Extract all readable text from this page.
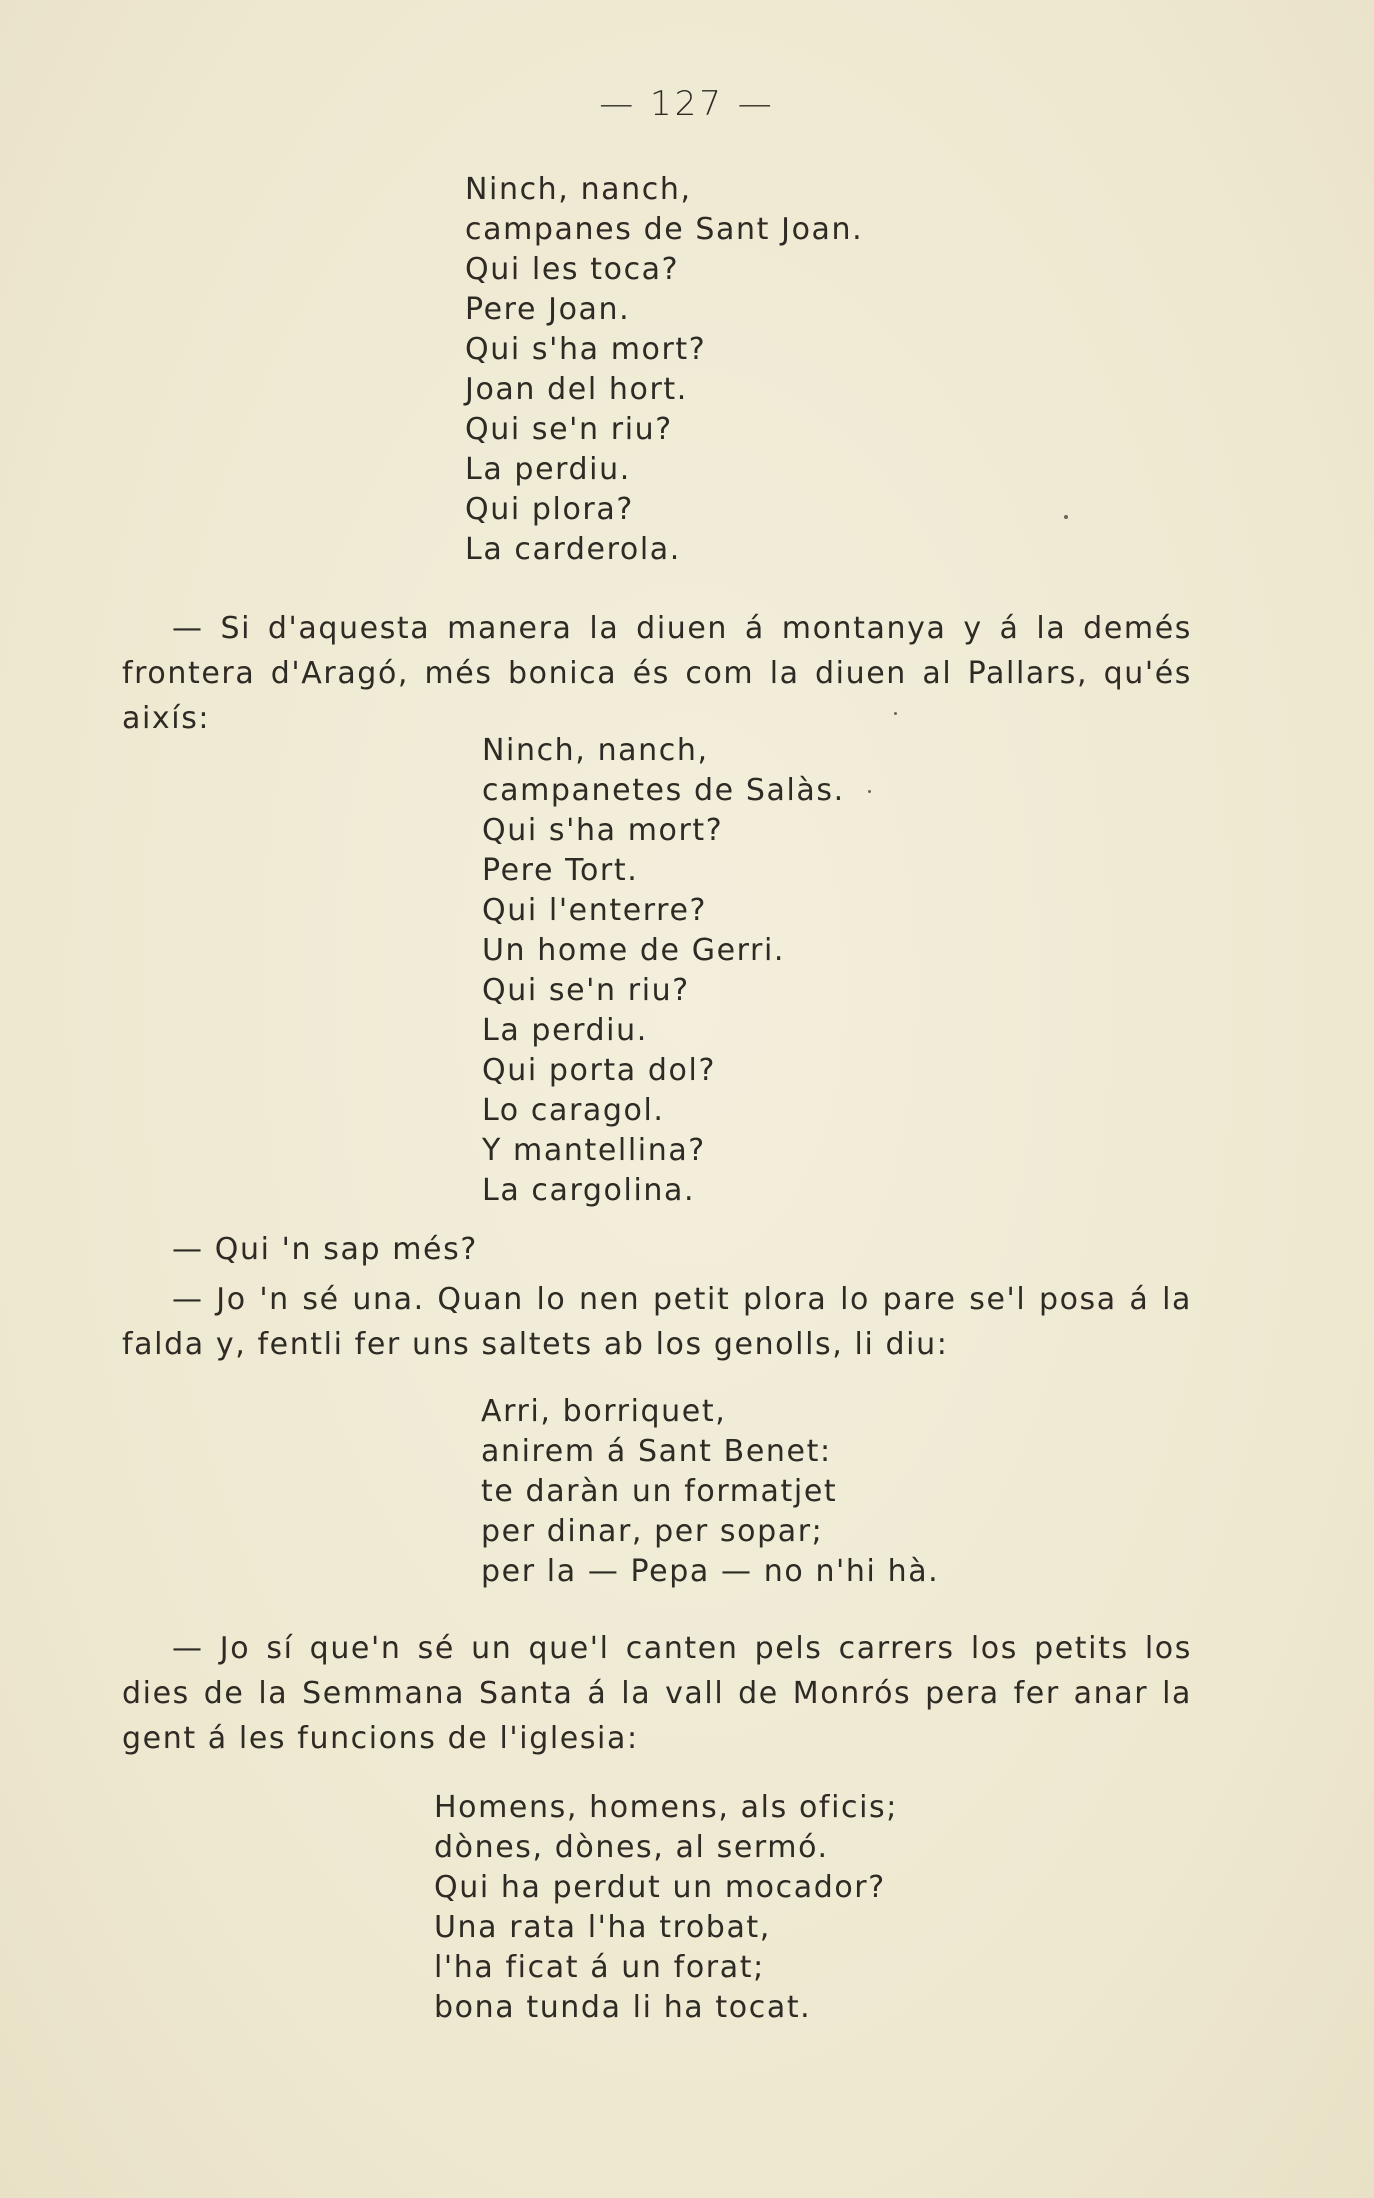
— 127 —
Ninch, nanch,
campanes de Sant Joan.
Qui les toca?
Pere Joan.
Qui s'ha mort?
Joan del hort.
Qui se'n riu?
La perdiu.
Qui plora?
La carderola.
— Si d'aquesta manera la diuen á montanya y á la demés frontera d'Aragó, més bonica és com la diuen al Pallars, qu'és aixís:
Ninch, nanch,
campanetes de Salàs.
Qui s'ha mort?
Pere Tort.
Qui l'enterre?
Un home de Gerri.
Qui se'n riu?
La perdiu.
Qui porta dol?
Lo caragol.
Y mantellina?
La cargolina.
— Qui 'n sap més?
— Jo 'n sé una. Quan lo nen petit plora lo pare se'l posa á la falda y, fentli fer uns saltets ab los genolls, li diu:
Arri, borriquet,
anirem á Sant Benet:
te daràn un formatjet
per dinar, per sopar;
per la — Pepa — no n'hi hà.
— Jo sí que'n sé un que'l canten pels carrers los petits los dies de la Semmana Santa á la vall de Monrós pera fer anar la gent á les funcions de l'iglesia:
Homens, homens, als oficis;
dònes, dònes, al sermó.
Qui ha perdut un mocador?
Una rata l'ha trobat,
l'ha ficat á un forat;
bona tunda li ha tocat.
